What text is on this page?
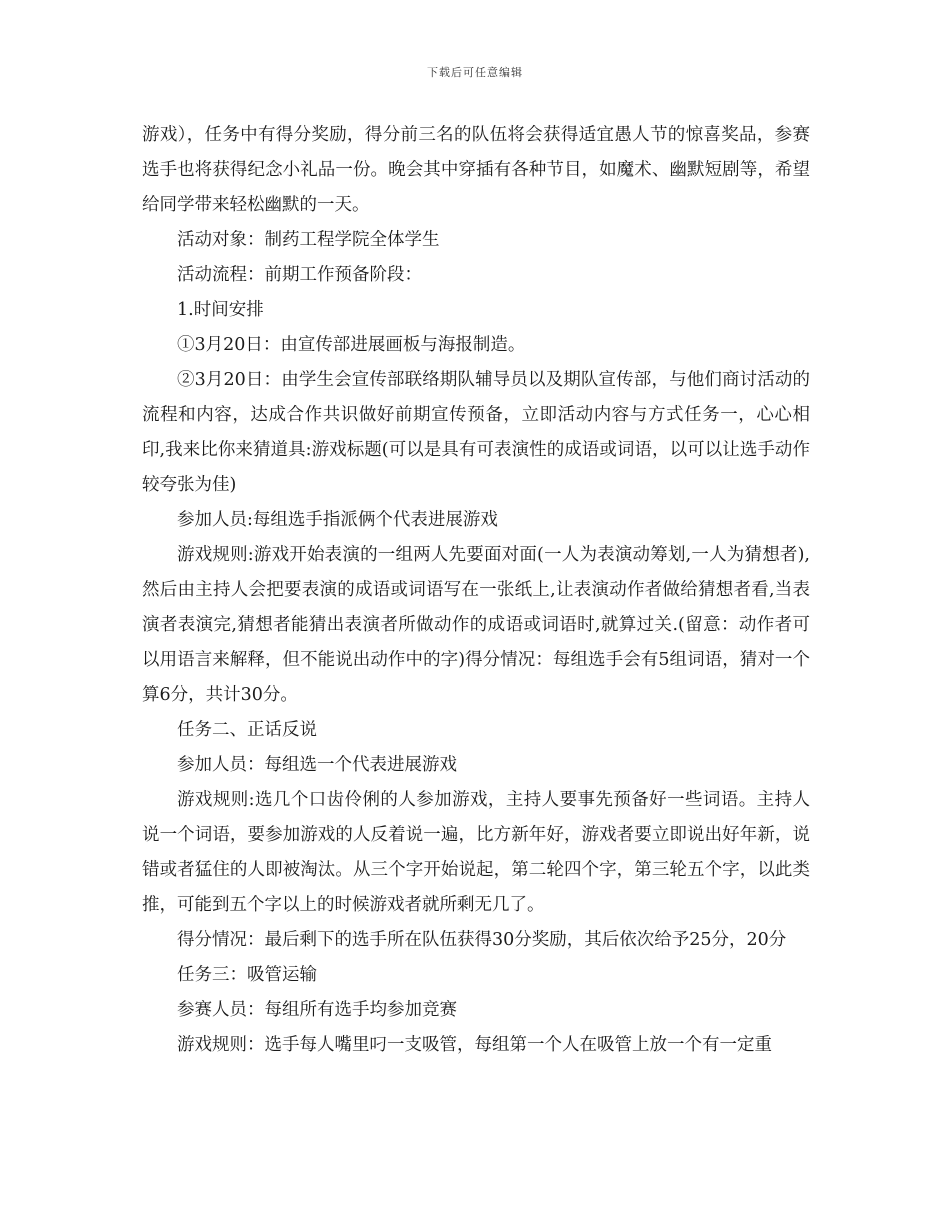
下载后可任意编辑

游戏），任务中有得分奖励，得分前三名的队伍将会获得适宜愚人节的惊喜奖品，参赛选手也将获得纪念小礼品一份。晚会其中穿插有各种节目，如魔术、幽默短剧等，希望给同学带来轻松幽默的一天。

活动对象：制药工程学院全体学生

活动流程：前期工作预备阶段：

1.时间安排

①3月20日：由宣传部进展画板与海报制造。

②3月20日：由学生会宣传部联络期队辅导员以及期队宣传部，与他们商讨活动的流程和内容，达成合作共识做好前期宣传预备，立即活动内容与方式任务一，心心相印,我来比你来猜道具:游戏标题(可以是具有可表演性的成语或词语，以可以让选手动作较夸张为佳)

参加人员:每组选手指派俩个代表进展游戏

游戏规则:游戏开始表演的一组两人先要面对面(一人为表演动筹划,一人为猜想者),然后由主持人会把要表演的成语或词语写在一张纸上,让表演动作者做给猜想者看,当表演者表演完,猜想者能猜出表演者所做动作的成语或词语时,就算过关.(留意：动作者可以用语言来解释，但不能说出动作中的字)得分情况：每组选手会有5组词语，猜对一个算6分，共计30分。

任务二、正话反说

参加人员：每组选一个代表进展游戏

游戏规则:选几个口齿伶俐的人参加游戏，主持人要事先预备好一些词语。主持人说一个词语，要参加游戏的人反着说一遍，比方新年好，游戏者要立即说出好年新，说错或者猛住的人即被淘汰。从三个字开始说起，第二轮四个字，第三轮五个字，以此类推，可能到五个字以上的时候游戏者就所剩无几了。

得分情况：最后剩下的选手所在队伍获得30分奖励，其后依次给予25分，20分

任务三：吸管运输

参赛人员：每组所有选手均参加竞赛

游戏规则：选手每人嘴里叼一支吸管，每组第一个人在吸管上放一个有一定重
